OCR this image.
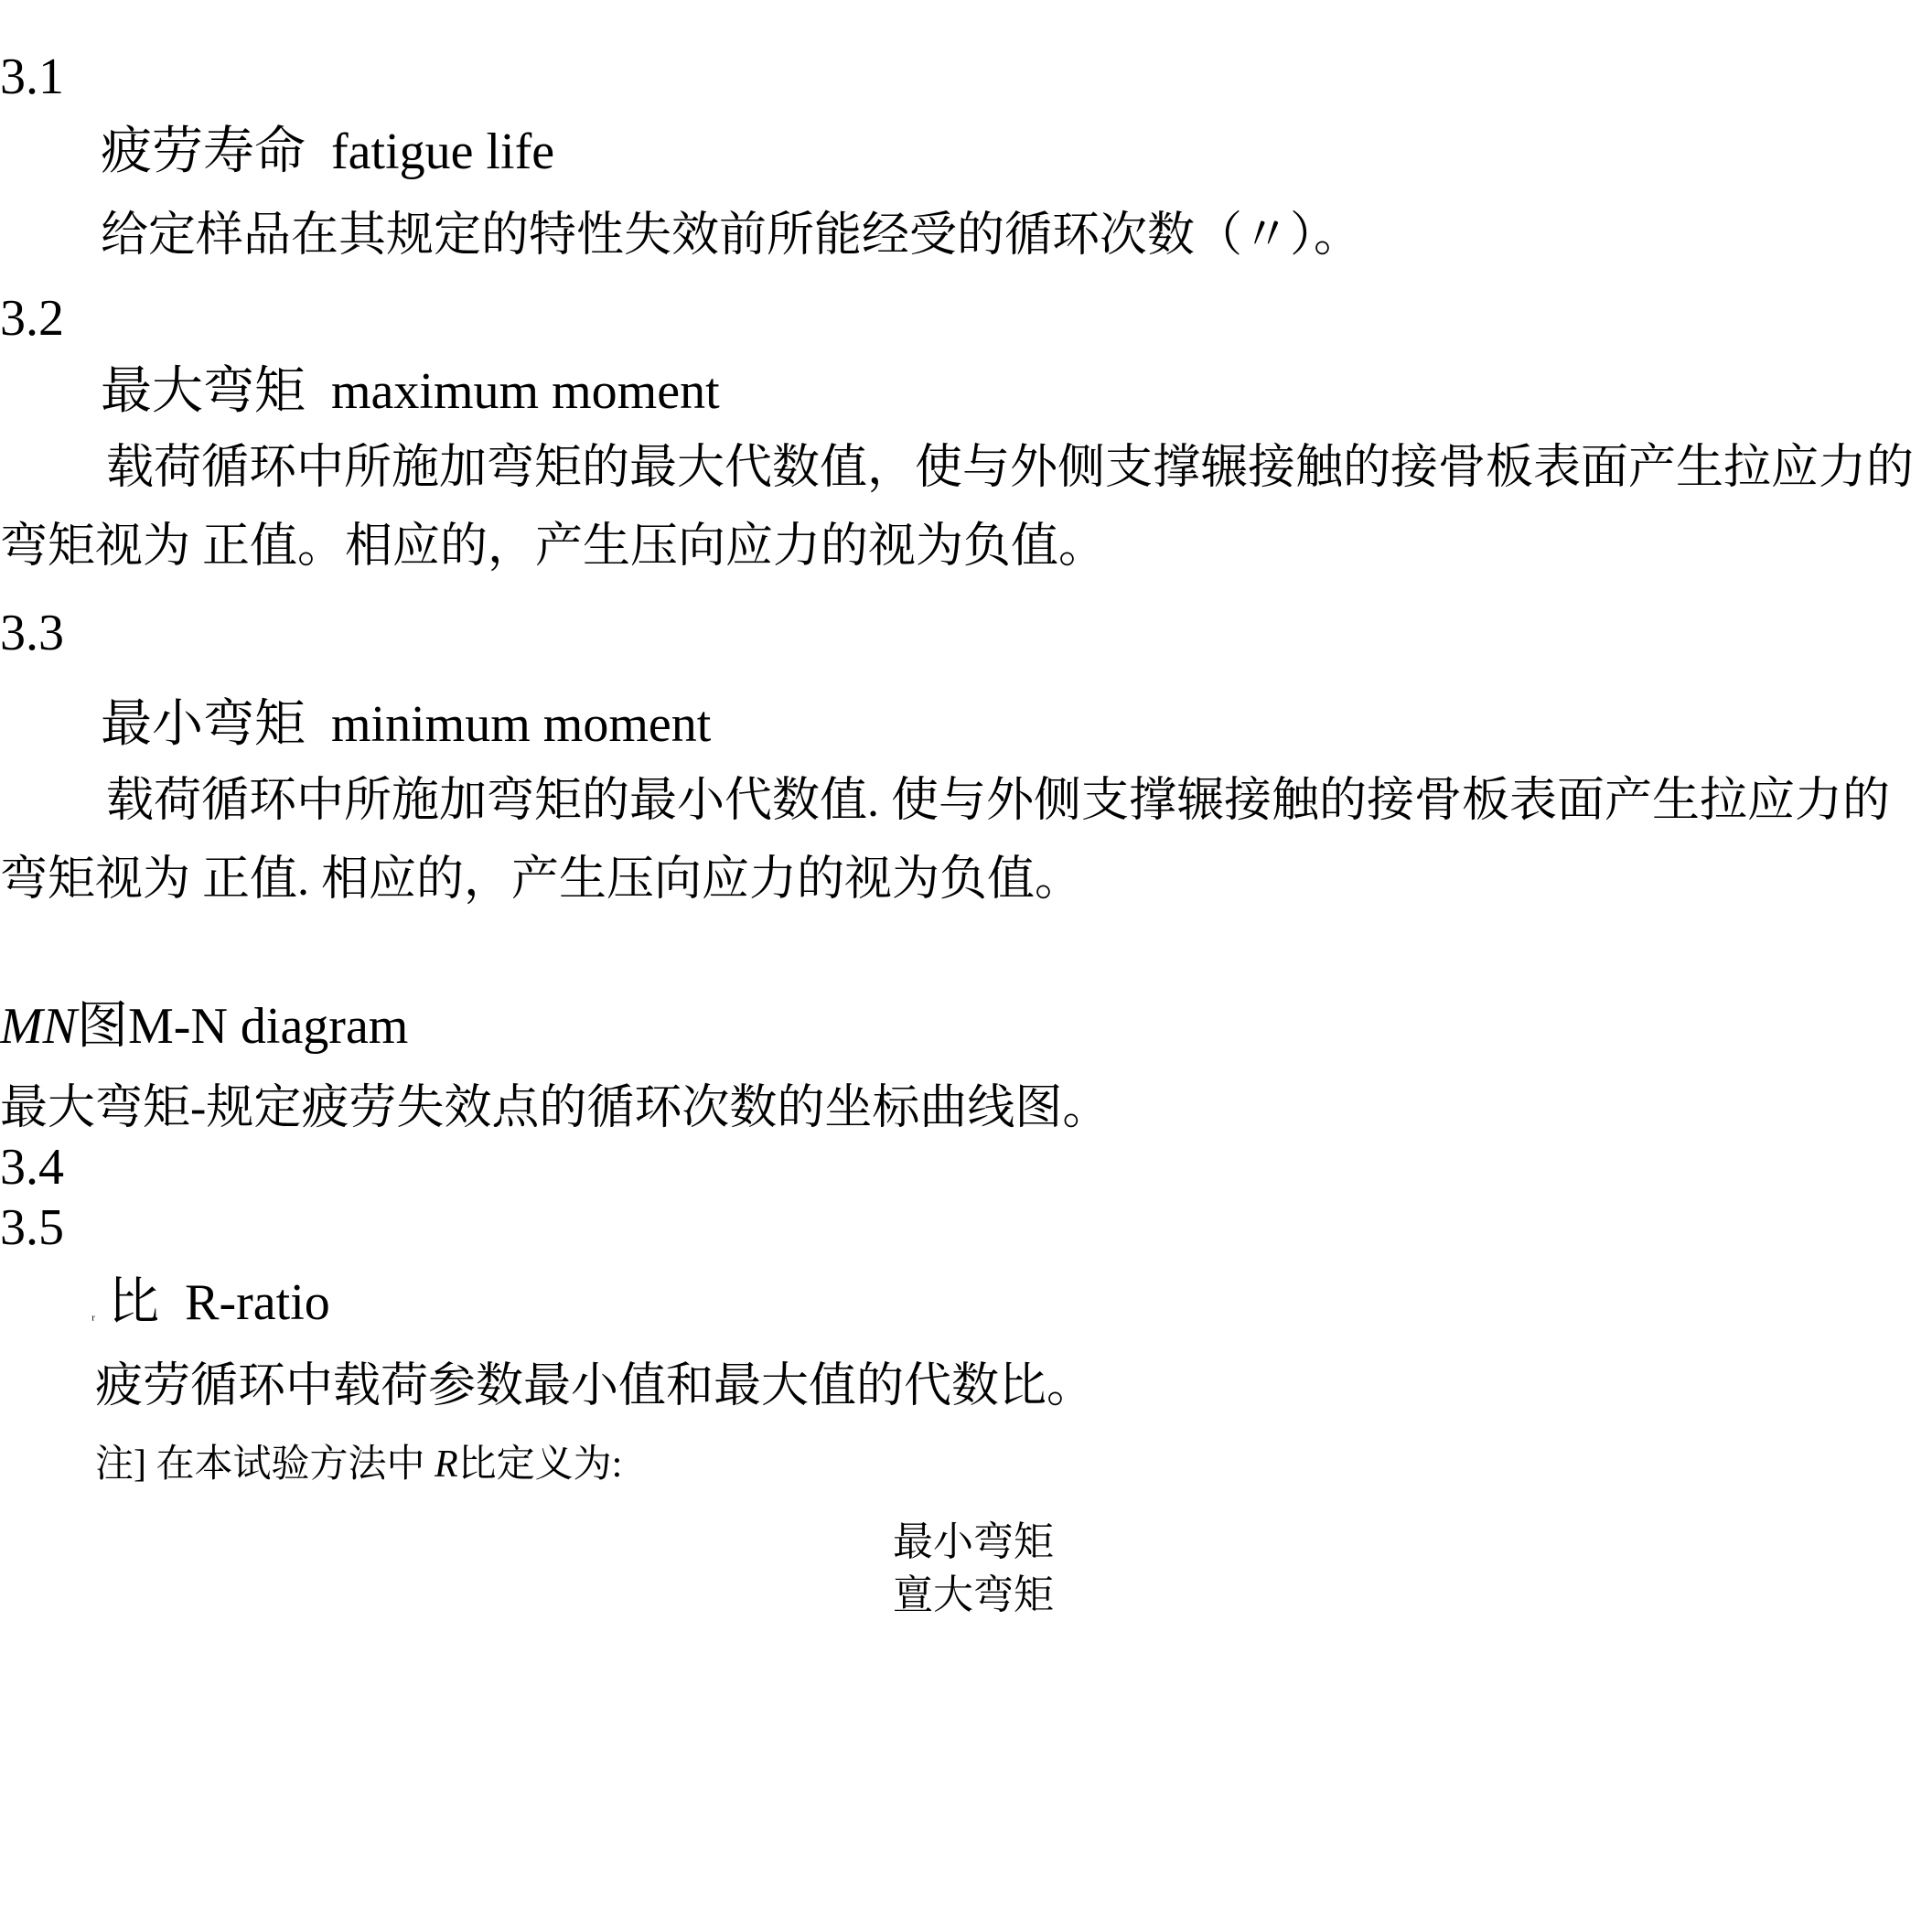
3.1
疲劳寿命 fatigue life
给定样品在其规定的特性失效前所能经受的循环次数（〃）。
3.2
最大弯矩 maximum moment
载荷循环中所施加弯矩的最大代数值，使与外侧支撑辗接触的接骨板表面产生拉应力的
弯矩视为 正值。相应的，产生压向应力的视为负值。
3.3
最小弯矩 minimum moment
载荷循环中所施加弯矩的最小代数值. 使与外侧支撑辗接触的接骨板表面产生拉应力的
弯矩视为 正值. 相应的，产生压向应力的视为负值。
MN图M-N diagram
最大弯矩-规定疲劳失效点的循环次数的坐标曲线图。
3.4
3.5
ᵣ 比 R-ratio
疲劳循环中载荷参数最小值和最大值的代数比。
注] 在本试验方法中 R比定义为:
最小弯矩
亶大弯矩
